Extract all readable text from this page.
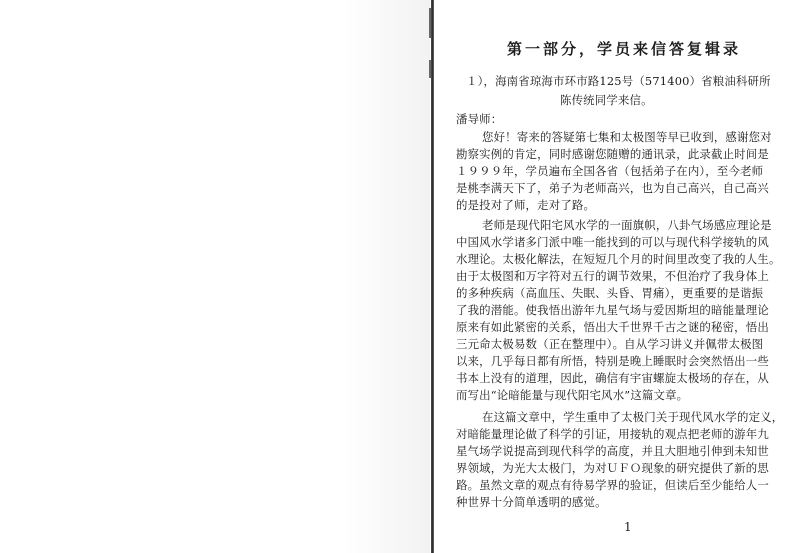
第一部分，学员来信答复辑录
１），海南省琼海市环市路125号（571400）省粮油科研所
陈传统同学来信。
潘导师：
您好！寄来的答疑第七集和太极图等早已收到，感谢您对
勘察实例的肯定，同时感谢您随赠的通讯录，此录截止时间是
１９９９年，学员遍布全国各省（包括弟子在内），至今老师
是桃李满天下了，弟子为老师高兴，也为自己高兴，自己高兴
的是投对了师，走对了路。
老师是现代阳宅风水学的一面旗帜，八卦气场感应理论是
中国风水学诸多门派中唯一能找到的可以与现代科学接轨的风
水理论。太极化解法，在短短几个月的时间里改变了我的人生。
由于太极图和万字符对五行的调节效果，不但治疗了我身体上
的多种疾病（高血压、失眠、头昏、胃痛），更重要的是谐振
了我的潜能。使我悟出游年九星气场与爱因斯坦的暗能量理论
原来有如此紧密的关系，悟出大千世界千古之谜的秘密，悟出
三元命太极易数（正在整理中）。自从学习讲义并佩带太极图
以来，几乎每日都有所悟，特别是晚上睡眠时会突然悟出一些
书本上没有的道理，因此，确信有宇宙螺旋太极场的存在，从
而写出“论暗能量与现代阳宅风水”这篇文章。
在这篇文章中，学生重申了太极门关于现代风水学的定义，
对暗能量理论做了科学的引证，用接轨的观点把老师的游年九
星气场学说提高到现代科学的高度，并且大胆地引伸到未知世
界领域，为光大太极门，为对ＵＦＯ现象的研究提供了新的思
路。虽然文章的观点有待易学界的验证，但读后至少能给人一
种世界十分简单透明的感觉。
1
